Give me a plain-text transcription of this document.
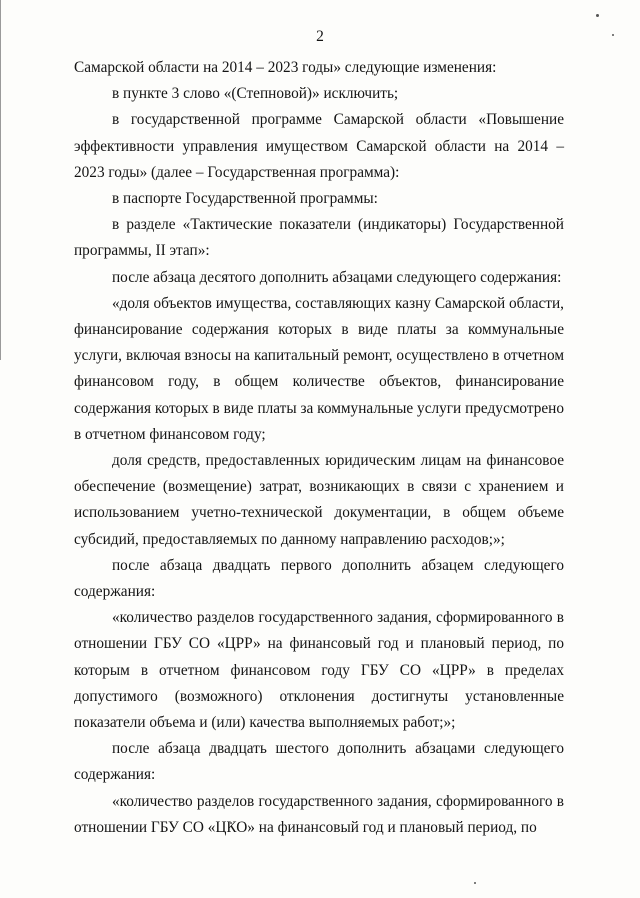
2

Самарской области на 2014 – 2023 годы» следующие изменения:

в пункте 3 слово «(Степновой)» исключить;

в государственной программе Самарской области «Повышение эффективности управления имуществом Самарской области на 2014 – 2023 годы» (далее – Государственная программа):

в паспорте Государственной программы:

в разделе «Тактические показатели (индикаторы) Государственной программы, II этап»:

после абзаца десятого дополнить абзацами следующего содержания:

«доля объектов имущества, составляющих казну Самарской области, финансирование содержания которых в виде платы за коммунальные услуги, включая взносы на капитальный ремонт, осуществлено в отчетном финансовом году, в общем количестве объектов, финансирование содержания которых в виде платы за коммунальные услуги предусмотрено в отчетном финансовом году;

доля средств, предоставленных юридическим лицам на финансовое обеспечение (возмещение) затрат, возникающих в связи с хранением и использованием учетно-технической документации, в общем объеме субсидий, предоставляемых по данному направлению расходов;»;

после абзаца двадцать первого дополнить абзацем следующего содержания:

«количество разделов государственного задания, сформированного в отношении ГБУ СО «ЦРР» на финансовый год и плановый период, по которым в отчетном финансовом году ГБУ СО «ЦРР» в пределах допустимого (возможного) отклонения достигнуты установленные показатели объема и (или) качества выполняемых работ;»;

после абзаца двадцать шестого дополнить абзацами следующего содержания:

«количество разделов государственного задания, сформированного в отношении ГБУ СО «ЦКО» на финансовый год и плановый период, по
